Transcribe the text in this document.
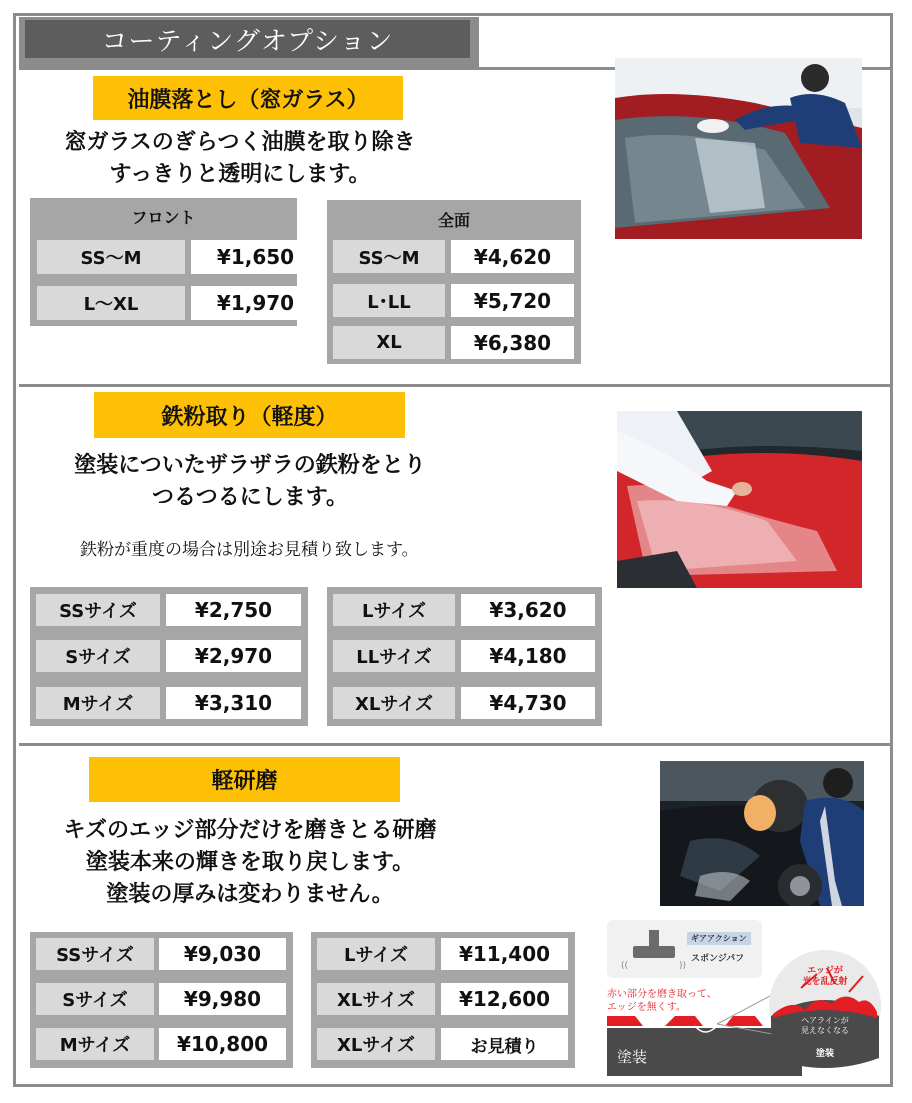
コーティングオプション
油膜落とし（窓ガラス）
窓ガラスのぎらつく油膜を取り除き
すっきりと透明にします。
フロント
SS～M	¥1,650
L～XL	¥1,970
全面
SS～M	¥4,620
L･LL	¥5,720
XL	¥6,380
鉄粉取り（軽度）
塗装についたザラザラの鉄粉をとり
つるつるにします。
鉄粉が重度の場合は別途お見積り致します。
SSサイズ	¥2,750
Sサイズ	¥2,970
Mサイズ	¥3,310
Lサイズ	¥3,620
LLサイズ	¥4,180
XLサイズ	¥4,730
軽研磨
キズのエッジ部分だけを磨きとる研磨
塗装本来の輝きを取り戻します。
塗装の厚みは変わりません。
SSサイズ	¥9,030
Sサイズ	¥9,980
Mサイズ	¥10,800
Lサイズ	¥11,400
XLサイズ	¥12,600
XLサイズ	お見積り
((	))
ギアアクション
スポンジパフ
赤い部分を磨き取って、
エッジを無くす。
塗装
エッジが
光を乱反射
ヘアラインが
見えなくなる
塗装
